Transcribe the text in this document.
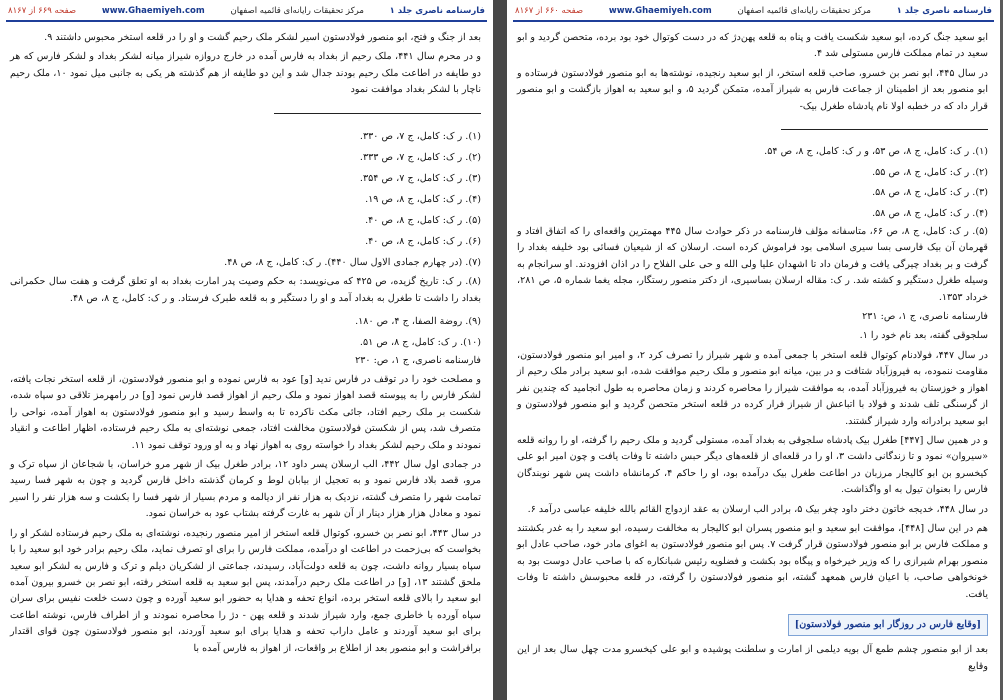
فارسنامه ناصری جلد ۱
مرکز تحقیقات رایانه‌ای قائمیه اصفهان
www.Ghaemiyeh.com
صفحه ۶۶۹ از ۸۱۶۷

بعد از جنگ و فتح، ابو منصور فولادستون اسیر لشکر ملک رحیم گشت و او را در قلعه استخر محبوس داشتند ۹.

و در محرم سال ۴۴۱، ملک رحیم از بغداد به فارس آمده در خارج دروازه شیراز میانه لشکر بغداد و لشکر فارس که هر دو طایفه در اطاعت ملک رحیم بودند جدال شد و این دو طایفه از هم گذشته هر یکی به جانبی میل نمود ۱۰، ملک رحیم ناچار با لشکر بغداد موافقت نمود

(۱). ر ک: کامل، ج ۷، ص ۳۳۰.
(۲). ر ک: کامل، ج ۷، ص ۳۳۳.
(۳). ر ک: کامل، ج ۷، ص ۳۵۴.
(۴). ر ک: کامل، ج ۸، ص ۱۹.
(۵). ر ک: کامل، ج ۸، ص ۴۰.
(۶). ر ک: کامل، ج ۸، ص ۴۰.
(۷). (در چهارم جمادی الاول سال ۴۴۰). ر ک: کامل، ج ۸، ص ۴۸.
(۸). ر ک: تاریخ گزیده، ص ۴۲۵ که می‌نویسد: به حکم وصیت پدر امارت بغداد به او تعلق گرفت و هفت سال حکمرانی بغداد را داشت تا طغرل به بغداد آمد و او را دستگیر و به قلعه طبرک فرستاد. و ر ک: کامل، ج ۸، ص ۴۸.
(۹). روضة الصفا، ج ۴، ص ۱۸۰.
(۱۰). ر ک: کامل، ج ۸، ص ۵۱.

فارسنامه ناصری، ج ۱، ص: ۲۳۰

و مصلحت خود را در توقف در فارس ندید [و] عود به فارس نموده و ابو منصور فولادستون، از قلعه استخر نجات یافته، لشکر فارس را به پیوسته قصد اهواز نمود و ملک رحیم از اهواز قصد فارس نمود [و] در رامهرمز تلاقی دو سپاه شده، شکست بر ملک رحیم افتاد، جائی مکث ناکرده تا به واسط رسید و ابو منصور فولادستون به اهواز آمده، نواحی را متصرف شد، پس از شکستن فولادستون مخالفت افتاد، جمعی نوشته‌ای به ملک رحیم فرستاده، اظهار اطاعت و انقیاد نمودند و ملک رحیم لشکر بغداد را خواسته روی به اهواز نهاد و به او ورود توقف نمود ۱۱.

در جمادی اول سال ۴۴۲، الب ارسلان پسر داود ۱۲، برادر طغرل بیک از شهر مرو خراسان، با شجاعان از سپاه ترک و مرو، قصد بلاد فارس نمود و به تعجیل از بیابان لوط و کرمان گذشته داخل فارس گردید و چون به شهر فسا رسید تمامت شهر را متصرف گشته، نزدیک به هزار نفر از دیالمه و مردم بسیار از شهر فسا را بکشت و سه هزار نفر را اسیر نمود و معادل هزار هزار دینار از آن شهر به غارت گرفته بشتاب عود به خراسان نمود.

در سال ۴۴۳، ابو نصر بن خسرو، کوتوال قلعه استخر از امیر منصور رنجیده، نوشته‌ای به ملک رحیم فرستاده لشکر او را بخواست که بی‌زحمت در اطاعت او درآمده، مملکت فارس را برای او تصرف نماید، ملک رحیم برادر خود ابو سعید را با سپاه بسیار روانه داشت، چون به قلعه دولت‌آباد، رسیدند، جماعتی از لشکریان دیلم و ترک و فارس به لشکر ابو سعید ملحق گشتند ۱۳، [و] در اطاعت ملک رحیم درآمدند، پس ابو سعید به قلعه استخر رفته، ابو نصر بن خسرو بیرون آمده ابو سعید را بالای قلعه استخر برده، انواع تحفه و هدایا به حضور ابو سعید آورده و چون دست خلعت نفیس برای سران سپاه آورده با خاطری جمع، وارد شیراز شدند و قلعه پهن - دژ را محاصره نمودند و از اطراف فارس، نوشته اطاعت برای ابو سعید آوردند و عامل داراب تحفه و هدایا برای ابو سعید آوردند، ابو منصور فولادستون چون قوای اقتدار برافراشت و ابو منصور بعد از اطلاع بر واقعات، از اهواز به فارس آمده با

فارسنامه ناصری جلد ۱
مرکز تحقیقات رایانه‌ای قائمیه اصفهان
www.Ghaemiyeh.com
صفحه ۶۶۰ از ۸۱۶۷

ابو سعید جنگ کرده، ابو سعید شکست یافت و پناه به قلعه پهن‌دژ که در دست کوتوال خود بود برده، متحصن گردید و ابو سعید در تمام مملکت فارس مستولی شد ۴.

در سال ۴۴۵، ابو نصر بن خسرو، صاحب قلعه استخر، از ابو سعید رنجیده، نوشته‌ها به ابو منصور فولادستون فرستاده و ابو منصور بعد از اطمینان از جماعت فارس به شیراز آمده، متمکن گردید ۵، و ابو سعید به اهواز بازگشت و ابو منصور قرار داد که در خطبه اولا نام پادشاه طغرل بیک-

(۱). ر ک: کامل، ج ۸، ص ۵۳، و ر ک: کامل، ج ۸، ص ۵۴.
(۲). ر ک: کامل، ج ۸، ص ۵۵.
(۳). ر ک: کامل، ج ۸، ص ۵۸.
(۴). ر ک: کامل، ج ۸، ص ۵۸.

(۵). ر ک: کامل، ج ۸، ص ۶۶، متاسفانه مؤلف فارسنامه در ذکر حوادث سال ۴۴۵ مهمترین واقعه‌ای را که اتفاق افتاد و قهرمان آن بیک فارسی بسا سیری اسلامی بود فراموش کرده است. ارسلان که از شیعیان فسائی بود خلیفه بغداد را گرفت و بر بغداد چیرگی یافت و فرمان داد تا اشهدان علیا ولی الله و حی علی الفلاح را در اذان افزودند. او سرانجام به وسیله طغرل دستگیر و کشته شد. ر ک: مقاله ارسلان بساسیری، از دکتر منصور رستگار، مجله یغما شماره ۵، ص ۲۸۱، خرداد ۱۳۵۳.

فارسنامه ناصری، ج ۱، ص: ۲۳۱

سلجوقی گفته، بعد نام خود را ۱.

در سال ۴۴۷، فولادنام کوتوال قلعه استخر با جمعی آمده و شهر شیراز را تصرف کرد ۲، و امیر ابو منصور فولادستون، مقاومت ننموده، به فیروزآباد شتافت و در بین، میانه ابو منصور و ملک رحیم موافقت شده، ابو سعید برادر ملک رحیم از اهواز و خوزستان به فیروزآباد آمده، به موافقت شیراز را محاصره کردند و زمان محاصره به طول انجامید که چندین نفر از گرسنگی تلف شدند و فولاد با اتباعش از شیراز فرار کرده در قلعه استخر متحصن گردید و ابو منصور فولادستون و ابو سعید برادرانه وارد شیراز گشتند.

و در همین سال [۴۴۷] طغرل بیک پادشاه سلجوقی به بغداد آمده، مستولی گردید و ملک رحیم را گرفته، او را روانه قلعه «سیروان» نمود و تا زندگانی داشت ۳، او را در قلعه‌ای از قلعه‌های دیگر حبس داشته تا وفات یافت و چون امیر ابو علی کیخسرو بن ابو کالیجار مرزبان در اطاعت طغرل بیک درآمده بود، او را حاکم ۴، کرمانشاه داشت پس شهر نوبندگان فارس را بعنوان تیول به او واگذاشت.

در سال ۴۴۸، خدیجه خاتون دختر داود چغر بیک ۵، برادر الب ارسلان به عقد ازدواج القائم بالله خلیفه عباسی درآمد ۶.

هم در این سال [۴۴۸]، موافقت ابو سعید و ابو منصور پسران ابو کالیجار به مخالفت رسیده، ابو سعید را به غدر بکشتند و مملکت فارس بر ابو منصور فولادستون قرار گرفت ۷. پس ابو منصور فولادستون به اغوای مادر خود، صاحب عادل ابو منصور بهرام شیرازی را که وزیر خیرخواه و پیگاه بود بکشت و فضلویه رئیس شبانکاره که با صاحب عادل دوست بود به خونخواهی صاحب، با اعیان فارس همعهد گشته، ابو منصور فولادستون را گرفته، در قلعه محبوسش داشته تا وفات یافت.

[وقایع فارس در روزگار ابو منصور فولادستون]

بعد از ابو منصور چشم طمع آل بویه دیلمی از امارت و سلطنت پوشیده و ابو علی کیخسرو مدت چهل سال بعد از این وقایع
